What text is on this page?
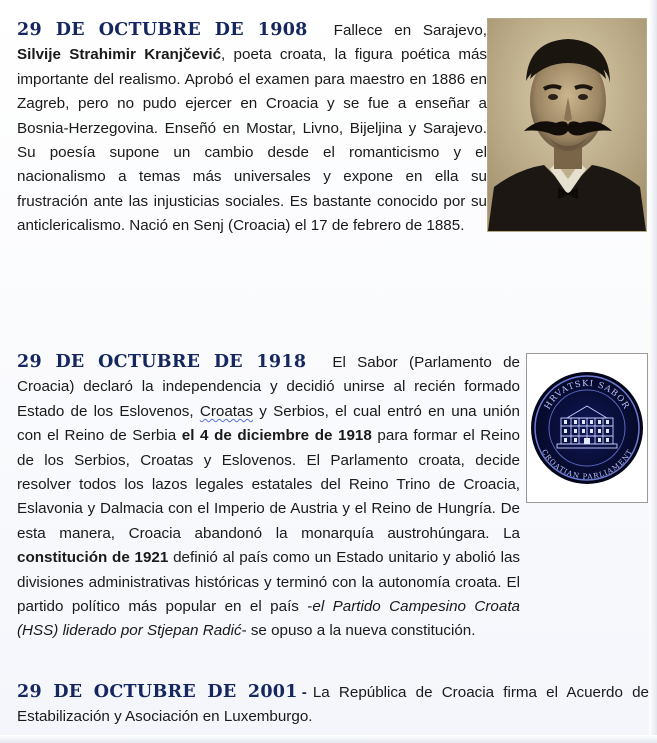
29 DE OCTUBRE DE 1908 Fallece en Sarajevo, Silvije Strahimir Kranjčević, poeta croata, la figura poética más importante del realismo. Aprobó el examen para maestro en 1886 en Zagreb, pero no pudo ejercer en Croacia y se fue a enseñar a Bosnia-Herzegovina. Enseñó en Mostar, Livno, Bijeljina y Sarajevo. Su poesía supone un cambio desde el romanticismo y el nacionalismo a temas más universales y expone en ella su frustración ante las injusticias sociales. Es bastante conocido por su anticlericalismo. Nació en Senj (Croacia) el 17 de febrero de 1885.
HRVATSKI SABOR
CROATIAN PARLIAMENT
29 DE OCTUBRE DE 1918 El Sabor (Parlamento de Croacia) declaró la independencia y decidió unirse al recién formado Estado de los Eslovenos, Croatas y Serbios, el cual entró en una unión con el Reino de Serbia el 4 de diciembre de 1918 para formar el Reino de los Serbios, Croatas y Eslovenos. El Parlamento croata, decide resolver todos los lazos legales estatales del Reino Trino de Croacia, Eslavonia y Dalmacia con el Imperio de Austria y el Reino de Hungría. De esta manera, Croacia abandonó la monarquía austrohúngara. La constitución de 1921 definió al país como un Estado unitario y abolió las divisiones administrativas históricas y terminó con la autonomía croata. El partido político más popular en el país -el Partido Campesino Croata (HSS) liderado por Stjepan Radić- se opuso a la nueva constitución.
29 DE OCTUBRE DE 2001 - La República de Croacia firma el Acuerdo de Estabilización y Asociación en Luxemburgo.
